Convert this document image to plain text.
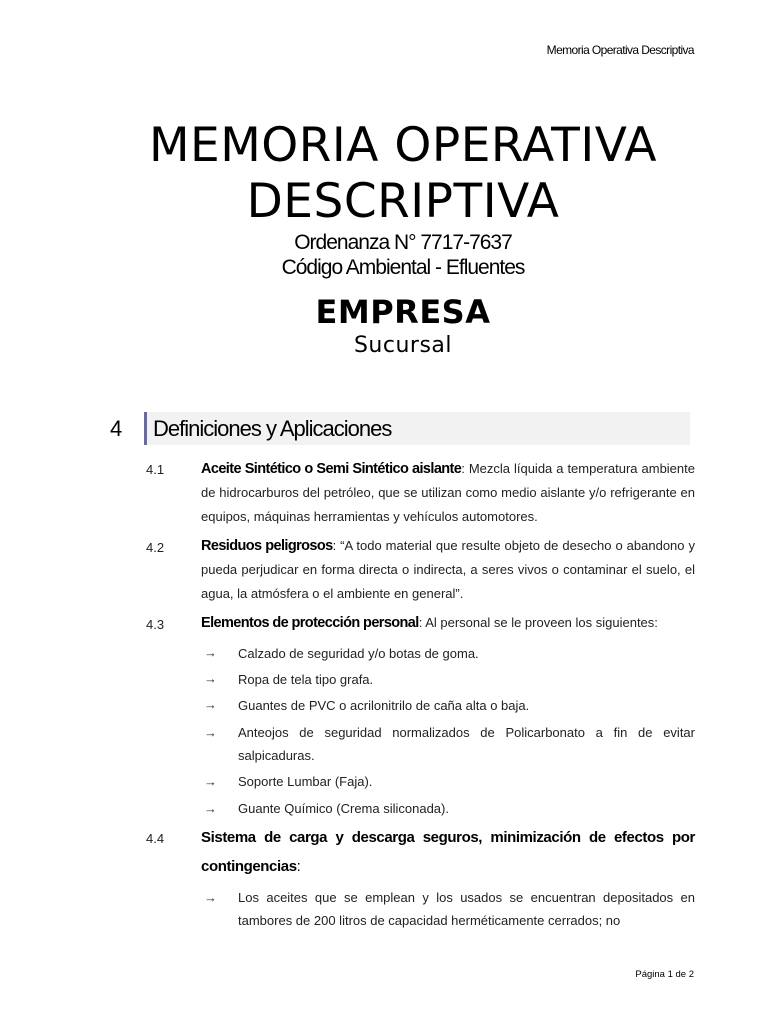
Memoria Operativa Descriptiva
MEMORIA OPERATIVA
DESCRIPTIVA
Ordenanza N° 7717-7637
Código Ambiental - Efluentes
EMPRESA
Sucursal
4 Definiciones y Aplicaciones
4.1	Aceite Sintético o Semi Sintético aislante: Mezcla líquida a temperatura ambiente de hidrocarburos del petróleo, que se utilizan como medio aislante y/o refrigerante en equipos, máquinas herramientas y vehículos automotores.
4.2	Residuos peligrosos: “A todo material que resulte objeto de desecho o abandono y pueda perjudicar en forma directa o indirecta, a seres vivos o contaminar el suelo, el agua, la atmósfera o el ambiente en general”.
4.3	Elementos de protección personal: Al personal se le proveen los siguientes:
→ Calzado de seguridad y/o botas de goma.
→ Ropa de tela tipo grafa.
→ Guantes de PVC o acrilonitrilo de caña alta o baja.
→ Anteojos de seguridad normalizados de Policarbonato a fin de evitar salpicaduras.
→ Soporte Lumbar (Faja).
→ Guante Químico (Crema siliconada).
4.4 Sistema de carga y descarga seguros, minimización de efectos por contingencias:
→ Los aceites que se emplean y los usados se encuentran depositados en tambores de 200 litros de capacidad herméticamente cerrados; no
Página 1 de 2
